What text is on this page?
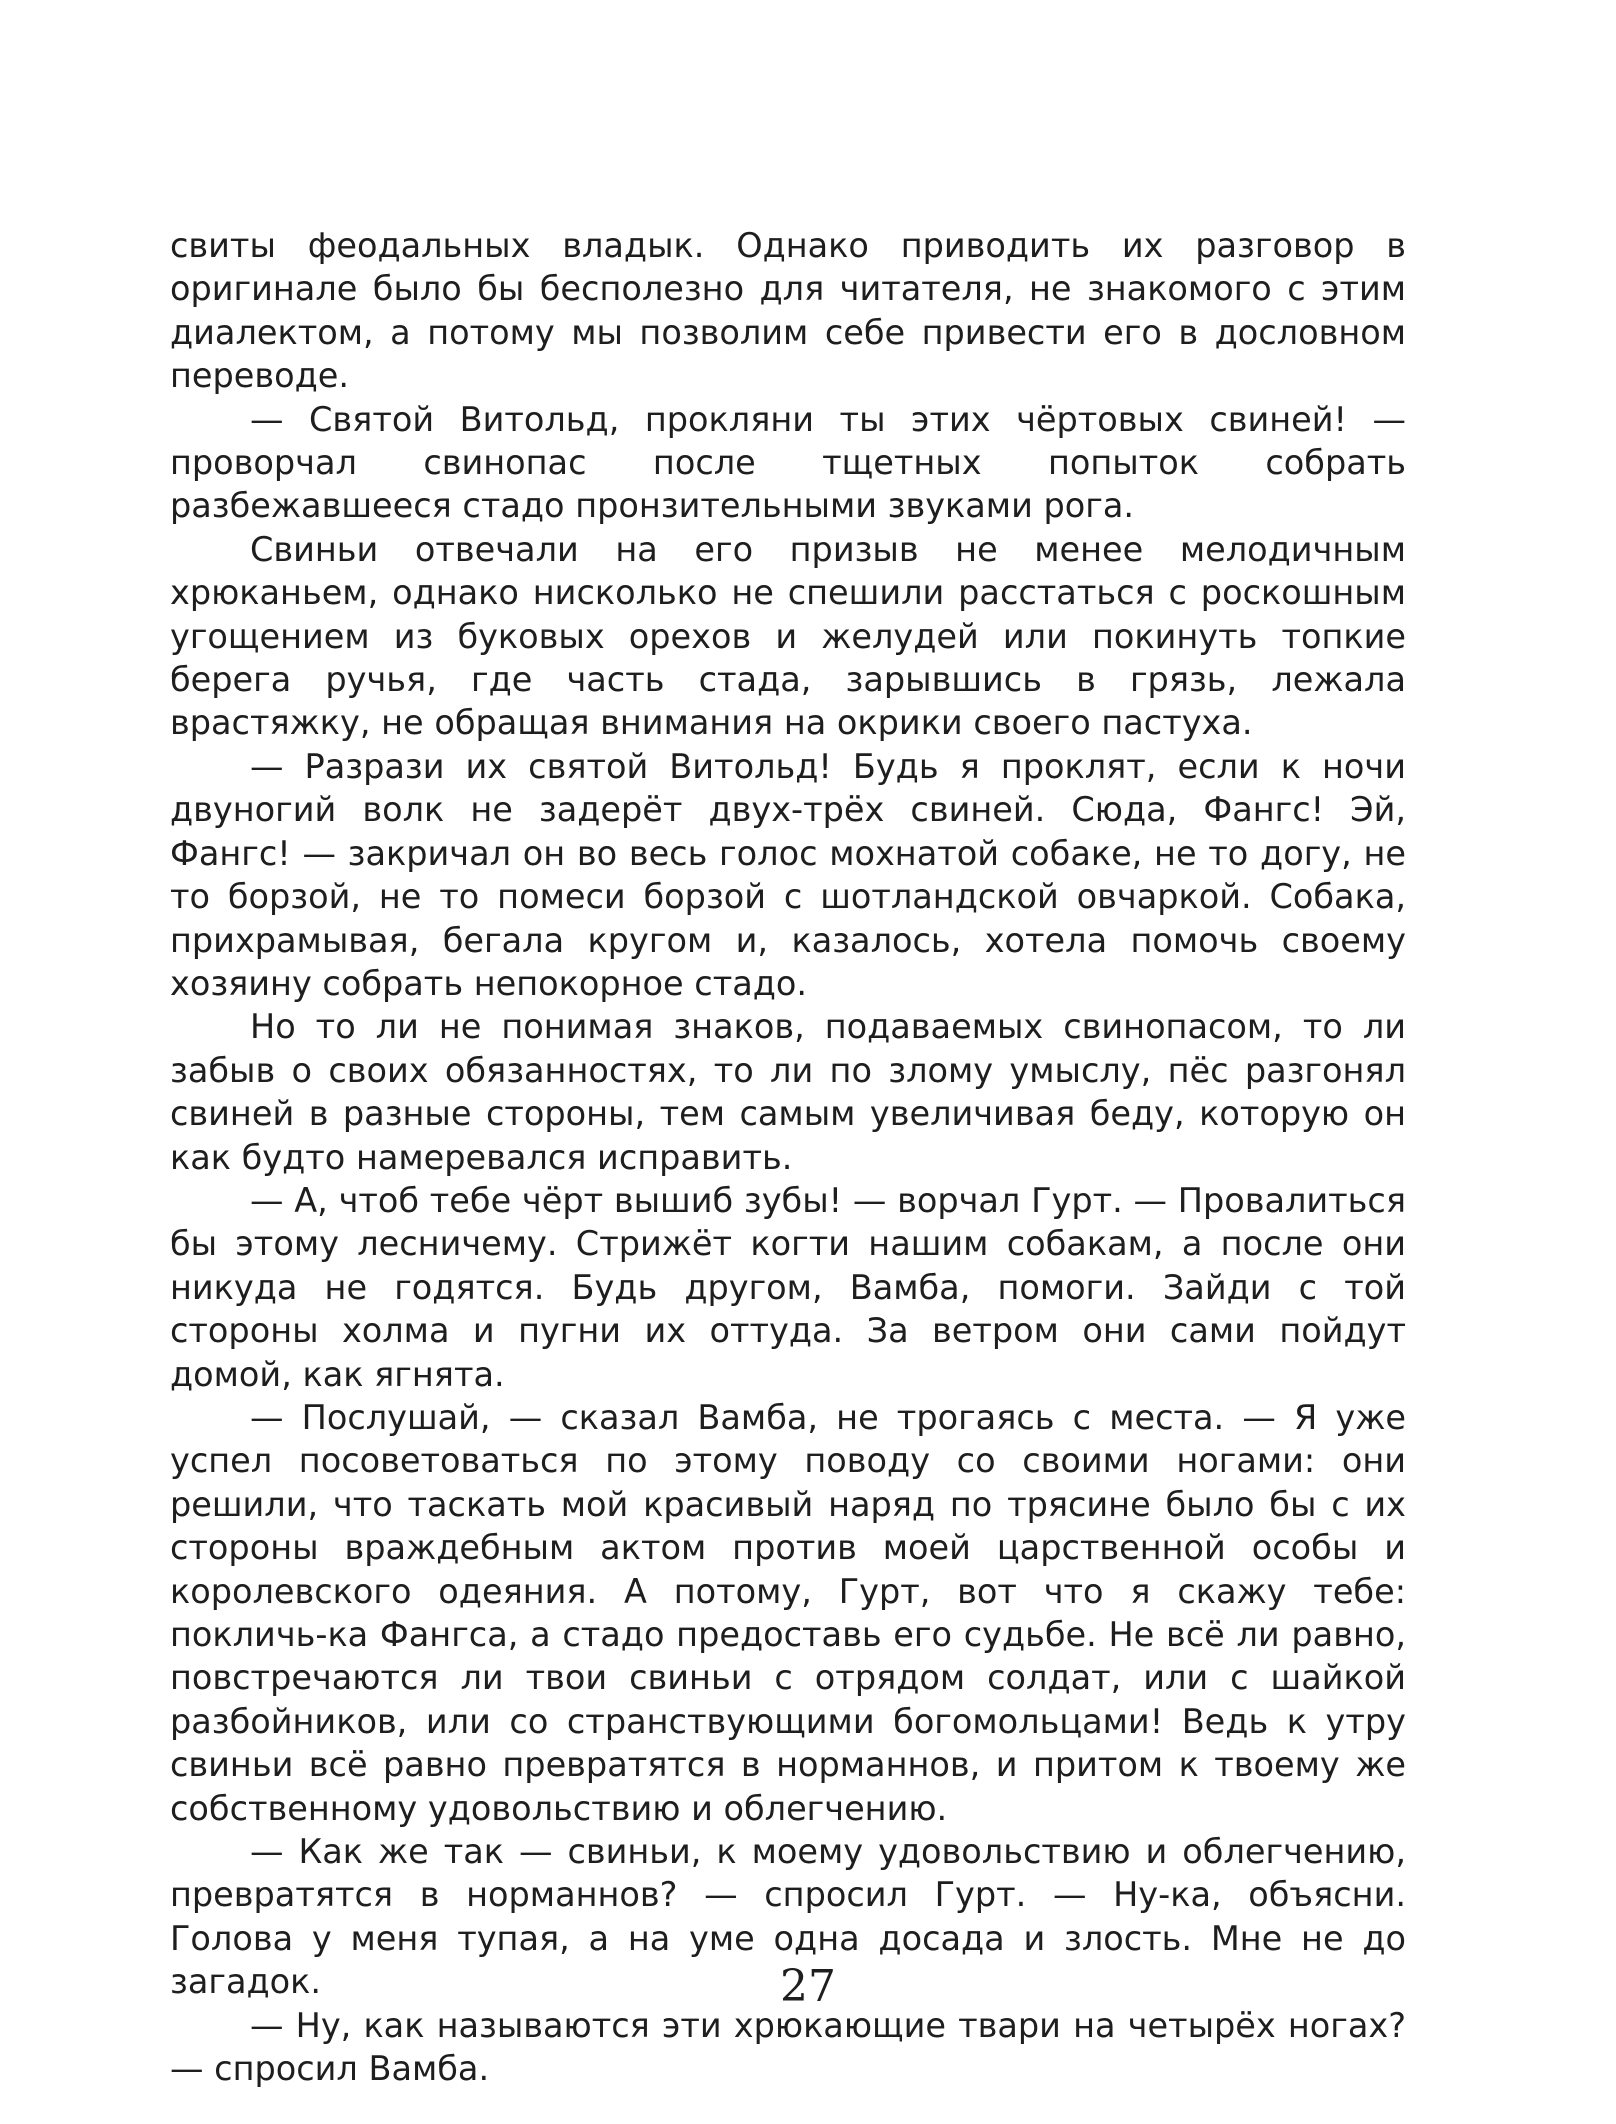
свиты феодальных владык. Однако приводить их разговор в оригинале было бы бесполезно для читателя, не знакомого с этим диалектом, а потому мы позволим себе привести его в дословном переводе.

— Святой Витольд, прокляни ты этих чёртовых свиней! — проворчал свинопас после тщетных попыток собрать разбежавшееся стадо пронзительными звуками рога.

Свиньи отвечали на его призыв не менее мелодичным хрюканьем, однако нисколько не спешили расстаться с роскошным угощением из буковых орехов и желудей или покинуть топкие берега ручья, где часть стада, зарывшись в грязь, лежала врастяжку, не обращая внимания на окрики своего пастуха.

— Разрази их святой Витольд! Будь я проклят, если к ночи двуногий волк не задерёт двух-трёх свиней. Сюда, Фангс! Эй, Фангс! — закричал он во весь голос мохнатой собаке, не то догу, не то борзой, не то помеси борзой с шотландской овчаркой. Собака, прихрамывая, бегала кругом и, казалось, хотела помочь своему хозяину собрать непокорное стадо.

Но то ли не понимая знаков, подаваемых свинопасом, то ли забыв о своих обязанностях, то ли по злому умыслу, пёс разгонял свиней в разные стороны, тем самым увеличивая беду, которую он как будто намеревался исправить.

— А, чтоб тебе чёрт вышиб зубы! — ворчал Гурт. — Провалиться бы этому лесничему. Стрижёт когти нашим собакам, а после они никуда не годятся. Будь другом, Вамба, помоги. Зайди с той стороны холма и пугни их оттуда. За ветром они сами пойдут домой, как ягнята.

— Послушай, — сказал Вамба, не трогаясь с места. — Я уже успел посоветоваться по этому поводу со своими ногами: они решили, что таскать мой красивый наряд по трясине было бы с их стороны враждебным актом против моей царственной особы и королевского одеяния. А потому, Гурт, вот что я скажу тебе: покличь-ка Фангса, а стадо предоставь его судьбе. Не всё ли равно, повстречаются ли твои свиньи с отрядом солдат, или с шайкой разбойников, или со странствующими богомольцами! Ведь к утру свиньи всё равно превратятся в норманнов, и притом к твоему же собственному удовольствию и облегчению.

— Как же так — свиньи, к моему удовольствию и облегчению, превратятся в норманнов? — спросил Гурт. — Ну-ка, объясни. Голова у меня тупая, а на уме одна досада и злость. Мне не до загадок.

— Ну, как называются эти хрюкающие твари на четырёх ногах? — спросил Вамба.

27
